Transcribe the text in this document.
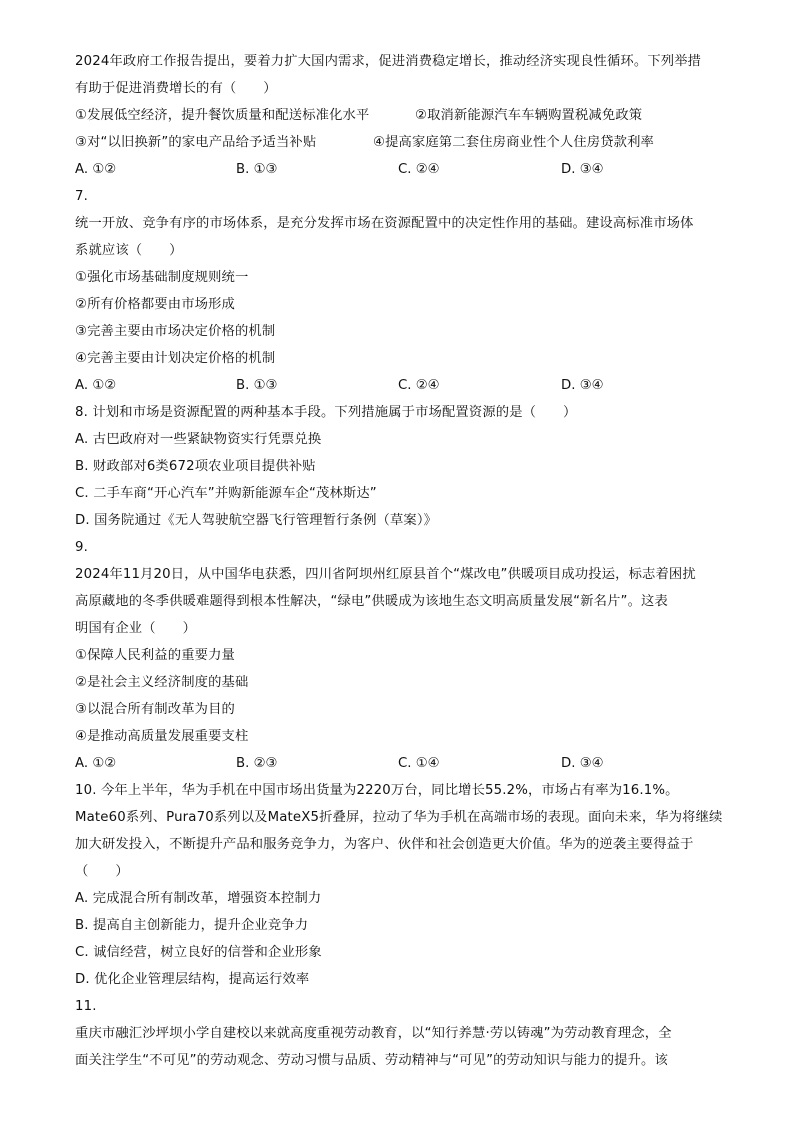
2024年政府工作报告提出，要着力扩大国内需求，促进消费稳定增长，推动经济实现良性循环。下列举措
有助于促进消费增长的有（　　）
①发展低空经济，提升餐饮质量和配送标准化水平	②取消新能源汽车车辆购置税减免政策
③对“以旧换新”的家电产品给予适当补贴	④提高家庭第二套住房商业性个人住房贷款利率
A. ①②	B. ①③	C. ②④	D. ③④
7.
统一开放、竞争有序的市场体系，是充分发挥市场在资源配置中的决定性作用的基础。建设高标准市场体
系就应该（　　）
①强化市场基础制度规则统一
②所有价格都要由市场形成
③完善主要由市场决定价格的机制
④完善主要由计划决定价格的机制
A. ①②	B. ①③	C. ②④	D. ③④
8. 计划和市场是资源配置的两种基本手段。下列措施属于市场配置资源的是（　　）
A. 古巴政府对一些紧缺物资实行凭票兑换
B. 财政部对6类672项农业项目提供补贴
C. 二手车商“开心汽车”并购新能源车企“茂林斯达”
D. 国务院通过《无人驾驶航空器飞行管理暂行条例（草案）》
9.
2024年11月20日，从中国华电获悉，四川省阿坝州红原县首个“煤改电”供暖项目成功投运，标志着困扰
高原藏地的冬季供暖难题得到根本性解决，“绿电”供暖成为该地生态文明高质量发展“新名片”。这表
明国有企业（　　）
①保障人民利益的重要力量
②是社会主义经济制度的基础
③以混合所有制改革为目的
④是推动高质量发展重要支柱
A. ①②	B. ②③	C. ①④	D. ③④
10. 今年上半年，华为手机在中国市场出货量为2220万台，同比增长55.2%，市场占有率为16.1%。
Mate60系列、Pura70系列以及MateX5折叠屏，拉动了华为手机在高端市场的表现。面向未来，华为将继续
加大研发投入，不断提升产品和服务竞争力，为客户、伙伴和社会创造更大价值。华为的逆袭主要得益于
（　　）
A. 完成混合所有制改革，增强资本控制力
B. 提高自主创新能力，提升企业竞争力
C. 诚信经营，树立良好的信誉和企业形象
D. 优化企业管理层结构，提高运行效率
11.
重庆市融汇沙坪坝小学自建校以来就高度重视劳动教育，以“知行养慧·劳以铸魂”为劳动教育理念，全
面关注学生“不可见”的劳动观念、劳动习惯与品质、劳动精神与“可见”的劳动知识与能力的提升。该
